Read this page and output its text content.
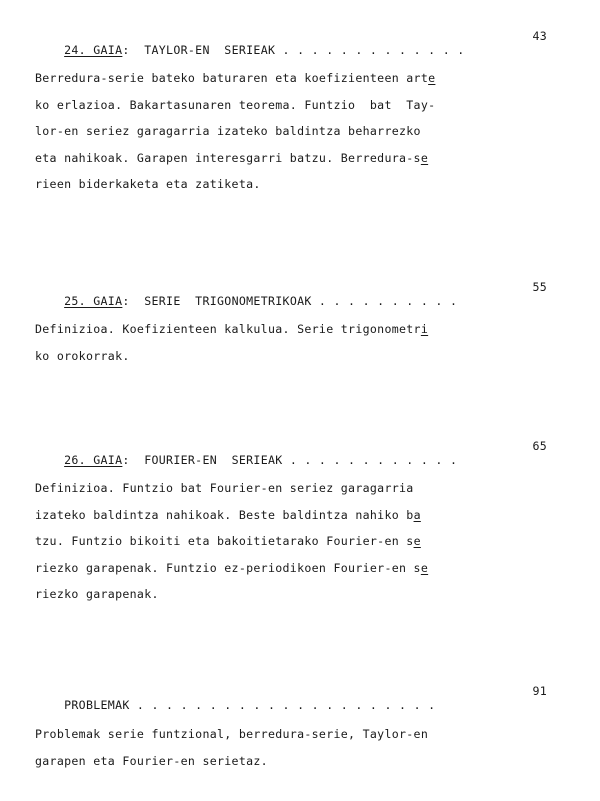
24. GAIA:  TAYLOR-EN  SERIEAK . . . . . . . . . . . . .

43

Berredura-serie bateko baturaren eta koefizienteen arte
ko erlazioa. Bakartasunaren teorema. Funtzio  bat  Tay-
lor-en seriez garagarria izateko baldintza beharrezko
eta nahikoak. Garapen interesgarri batzu. Berredura-se
rieen biderkaketa eta zatiketa.

25. GAIA:  SERIE  TRIGONOMETRIKOAK . . . . . . . . . .

55

Definizioa. Koefizienteen kalkulua. Serie trigonometri
ko orokorrak.

26. GAIA:  FOURIER-EN  SERIEAK . . . . . . . . . . . .

65

Definizioa. Funtzio bat Fourier-en seriez garagarria
izateko baldintza nahikoak. Beste baldintza nahiko ba
tzu. Funtzio bikoiti eta bakoitietarako Fourier-en se
riezko garapenak. Funtzio ez-periodikoen Fourier-en se
riezko garapenak.

PROBLEMAK . . . . . . . . . . . . . . . . . . . . .

91

Problemak serie funtzional, berredura-serie, Taylor-en
garapen eta Fourier-en serietaz.
